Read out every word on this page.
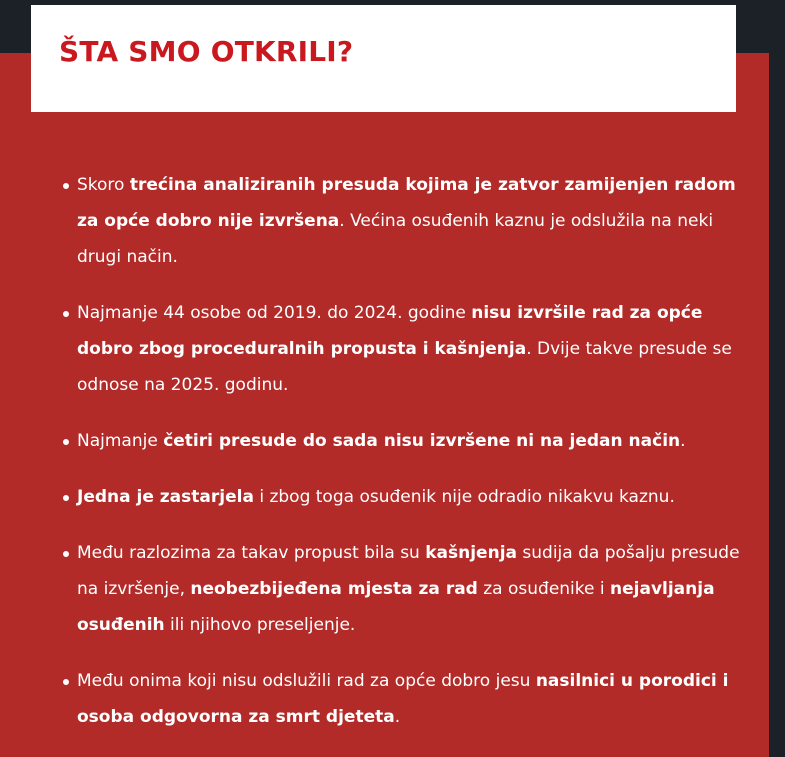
ŠTA SMO OTKRILI?
Skoro trećina analiziranih presuda kojima je zatvor zamijenjen radom za opće dobro nije izvršena. Većina osuđenih kaznu je odslužila na neki drugi način.
Najmanje 44 osobe od 2019. do 2024. godine nisu izvršile rad za opće dobro zbog proceduralnih propusta i kašnjenja. Dvije takve presude se odnose na 2025. godinu.
Najmanje četiri presude do sada nisu izvršene ni na jedan način.
Jedna je zastarjela i zbog toga osuđenik nije odradio nikakvu kaznu.
Među razlozima za takav propust bila su kašnjenja sudija da pošalju presude na izvršenje, neobezbijeđena mjesta za rad za osuđenike i nejavljanja osuđenih ili njihovo preseljenje.
Među onima koji nisu odslužili rad za opće dobro jesu nasilnici u porodici i osoba odgovorna za smrt djeteta.
